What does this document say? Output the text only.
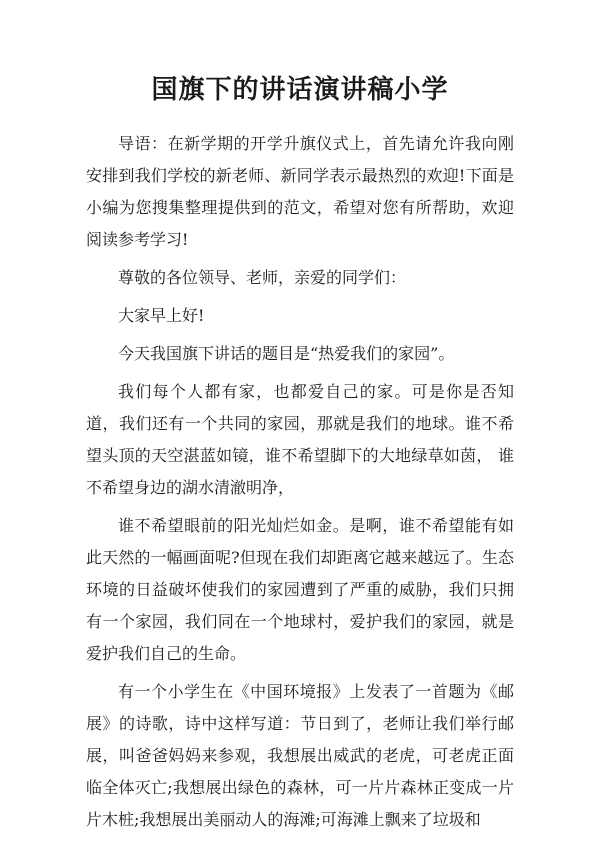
国旗下的讲话演讲稿小学

导语：在新学期的开学升旗仪式上，首先请允许我向刚安排到我们学校的新老师、新同学表示最热烈的欢迎!下面是小编为您搜集整理提供到的范文，希望对您有所帮助，欢迎阅读参考学习!

尊敬的各位领导、老师，亲爱的同学们：

大家早上好!

今天我国旗下讲话的题目是“热爱我们的家园”。

我们每个人都有家，也都爱自己的家。可是你是否知道，我们还有一个共同的家园，那就是我们的地球。谁不希望头顶的天空湛蓝如镜，谁不希望脚下的大地绿草如茵， 谁不希望身边的湖水清澈明净，

谁不希望眼前的阳光灿烂如金。是啊，谁不希望能有如此天然的一幅画面呢?但现在我们却距离它越来越远了。生态环境的日益破坏使我们的家园遭到了严重的威胁，我们只拥有一个家园，我们同在一个地球村，爱护我们的家园，就是爱护我们自己的生命。

有一个小学生在《中国环境报》上发表了一首题为《邮展》的诗歌，诗中这样写道：节日到了，老师让我们举行邮展，叫爸爸妈妈来参观，我想展出威武的老虎，可老虎正面临全体灭亡;我想展出绿色的森林，可一片片森林正变成一片片木桩;我想展出美丽动人的海滩;可海滩上飘来了垃圾和
